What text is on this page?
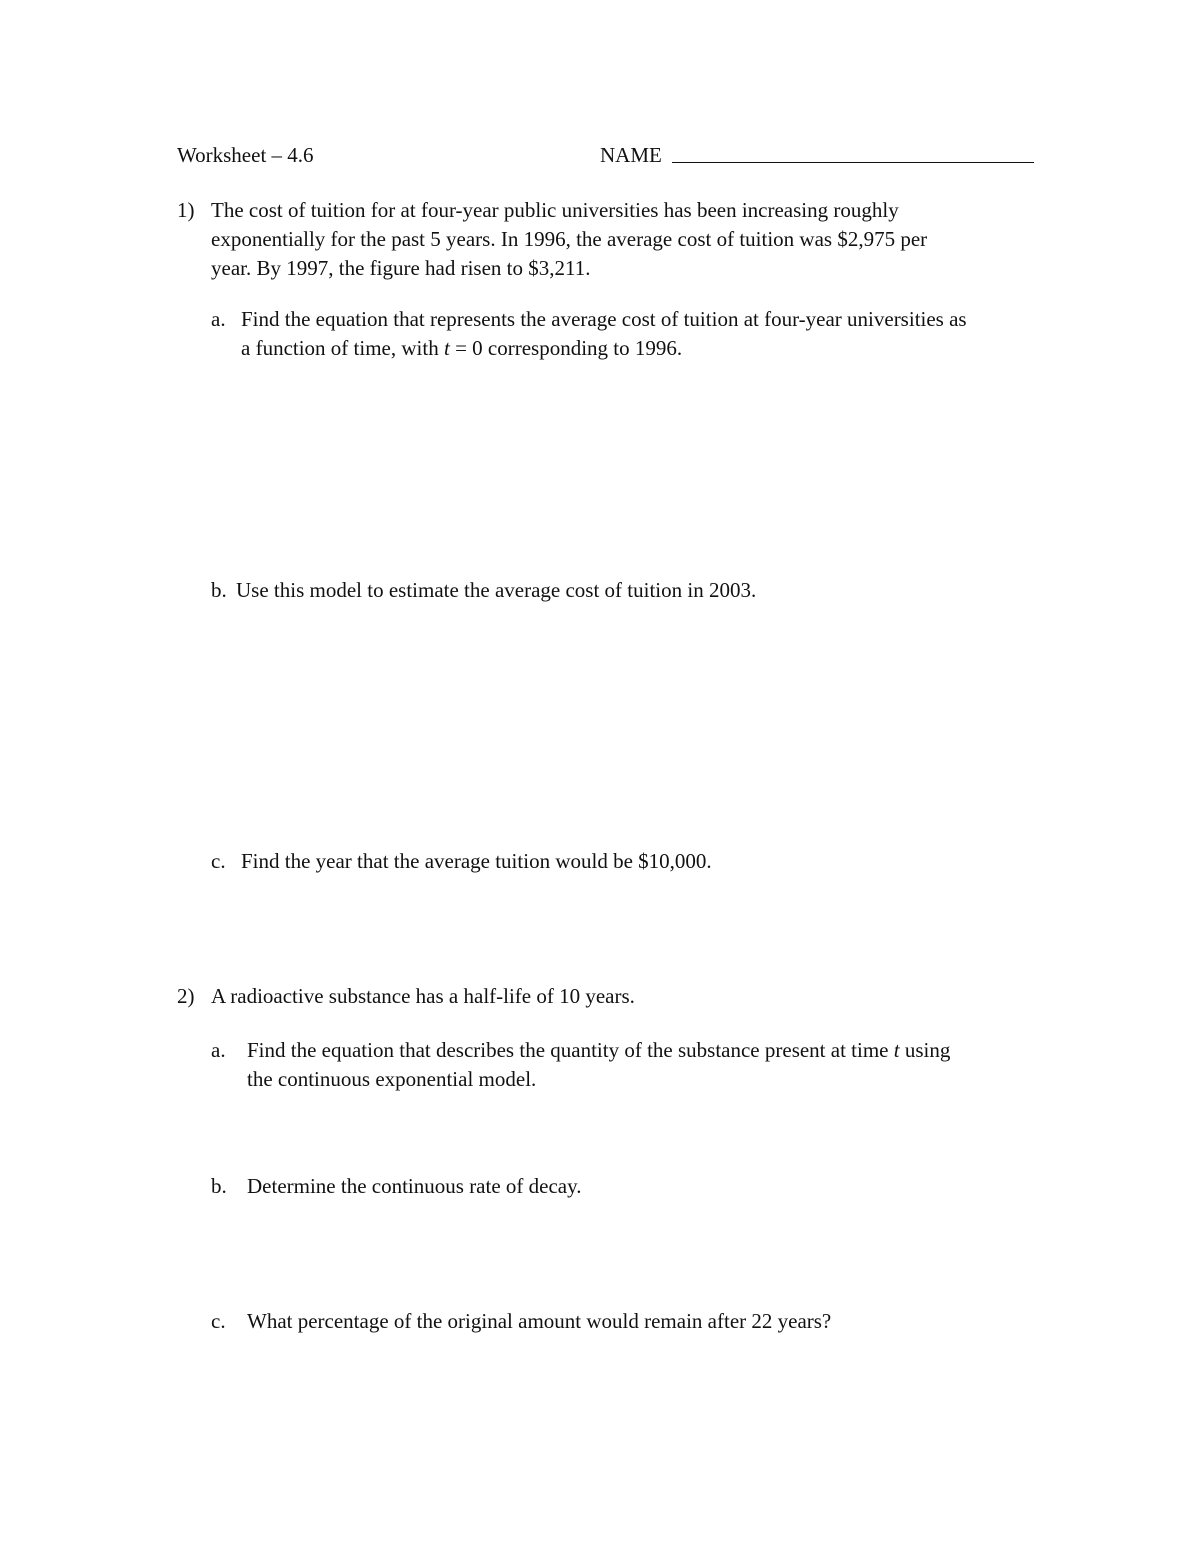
Worksheet – 4.6	NAME
1) The cost of tuition for at four-year public universities has been increasing roughly
exponentially for the past 5 years. In 1996, the average cost of tuition was $2,975 per
year. By 1997, the figure had risen to $3,211.
a. Find the equation that represents the average cost of tuition at four-year universities as
a function of time, with t = 0 corresponding to 1996.
b. Use this model to estimate the average cost of tuition in 2003.
c. Find the year that the average tuition would be $10,000.
2) A radioactive substance has a half-life of 10 years.
a. Find the equation that describes the quantity of the substance present at time t using
the continuous exponential model.
b. Determine the continuous rate of decay.
c. What percentage of the original amount would remain after 22 years?
